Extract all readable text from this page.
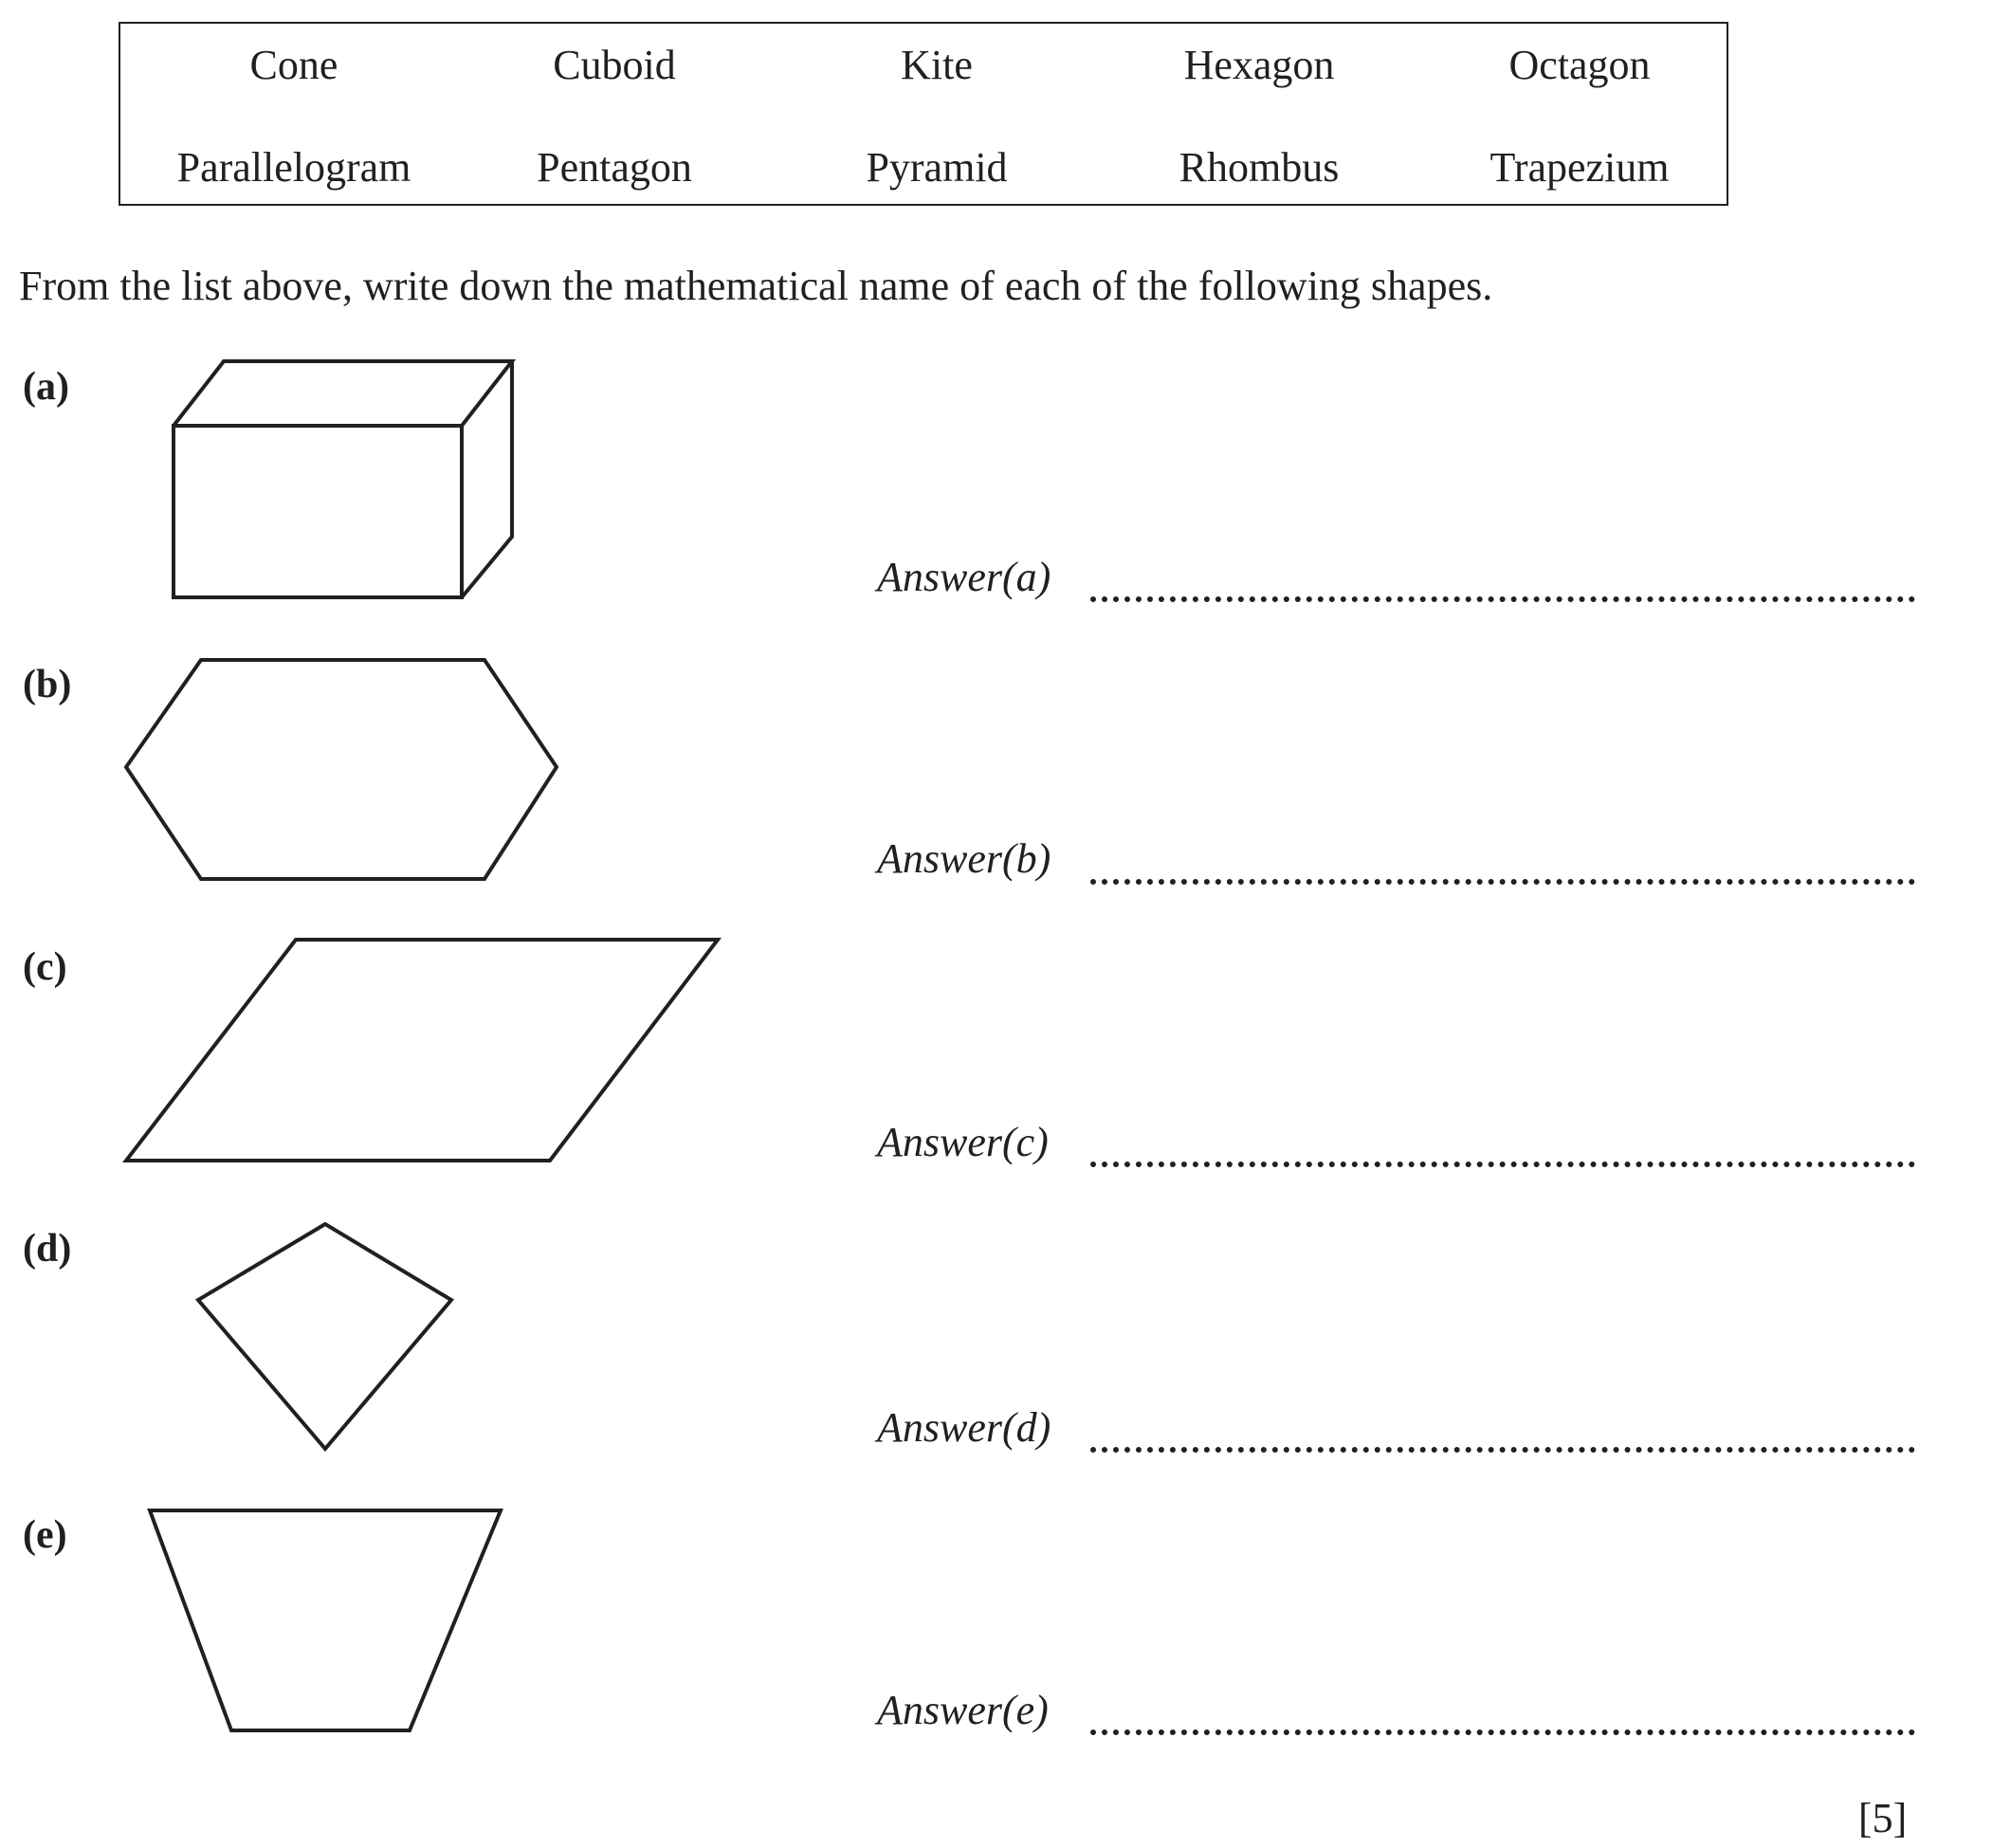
Cone	Cuboid	Kite	Hexagon	Octagon
Parallelogram	Pentagon	Pyramid	Rhombus	Trapezium
From the list above, write down the mathematical name of each of the following shapes.
(a)
(b)
(c)
(d)
(e)
Answer(a)
Answer(b)
Answer(c)
Answer(d)
Answer(e)
[5]
